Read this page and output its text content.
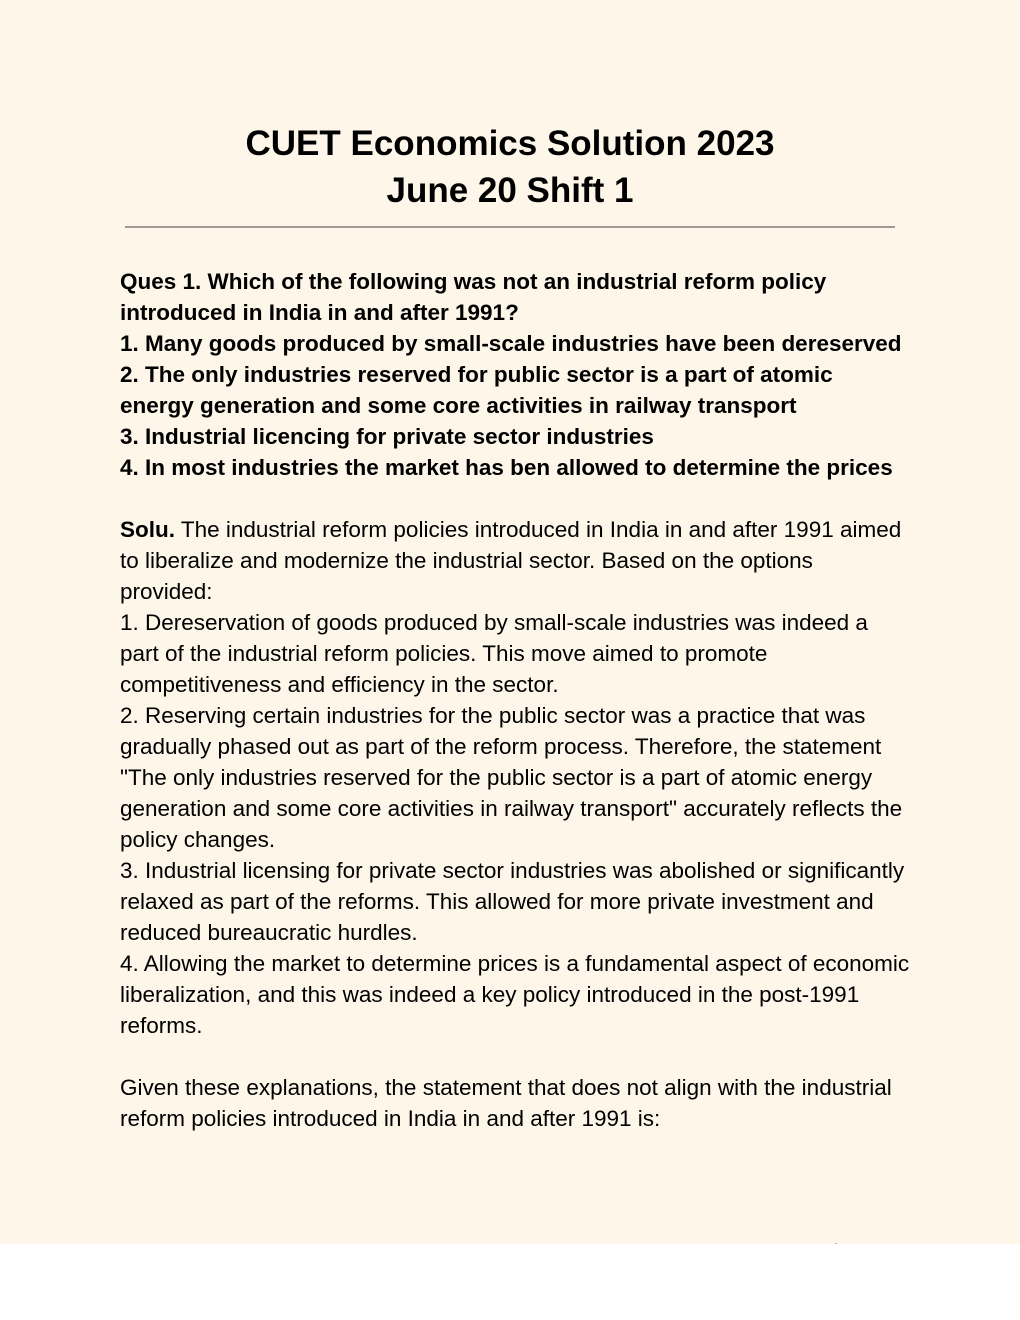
CUET Economics Solution 2023
June 20 Shift 1

Ques 1. Which of the following was not an industrial reform policy introduced in India in and after 1991?

1. Many goods produced by small-scale industries have been dereserved

2. The only industries reserved for public sector is a part of atomic energy generation and some core activities in railway transport

3. Industrial licencing for private sector industries

4. In most industries the market has ben allowed to determine the prices

Solu. The industrial reform policies introduced in India in and after 1991 aimed to liberalize and modernize the industrial sector. Based on the options provided:

1. Dereservation of goods produced by small-scale industries was indeed a part of the industrial reform policies. This move aimed to promote competitiveness and efficiency in the sector.

2. Reserving certain industries for the public sector was a practice that was gradually phased out as part of the reform process. Therefore, the statement "The only industries reserved for the public sector is a part of atomic energy generation and some core activities in railway transport" accurately reflects the policy changes.

3. Industrial licensing for private sector industries was abolished or significantly relaxed as part of the reforms. This allowed for more private investment and reduced bureaucratic hurdles.

4. Allowing the market to determine prices is a fundamental aspect of economic liberalization, and this was indeed a key policy introduced in the post-1991 reforms.

Given these explanations, the statement that does not align with the industrial reform policies introduced in India in and after 1991 is:
